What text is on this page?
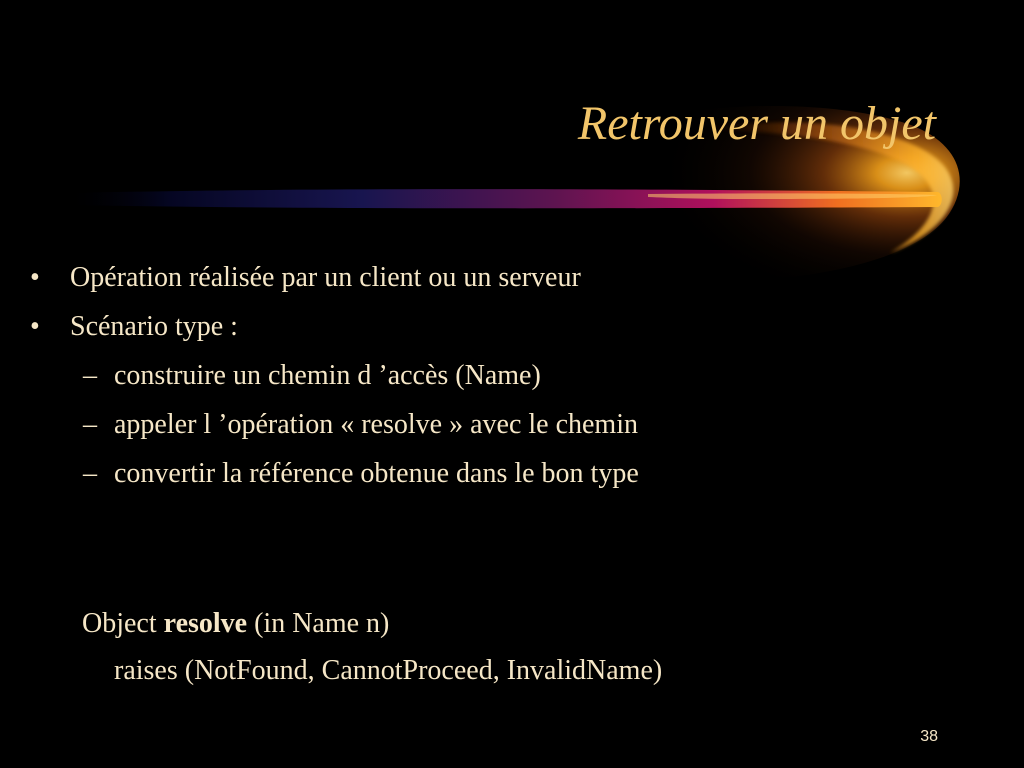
Retrouver un objet
• Opération réalisée par un client ou un serveur
• Scénario type :
– construire un chemin d ’accès (Name)
– appeler l ’opération « resolve » avec le chemin
– convertir la référence obtenue dans le bon type
Object resolve (in Name n)
raises (NotFound, CannotProceed, InvalidName)
38
